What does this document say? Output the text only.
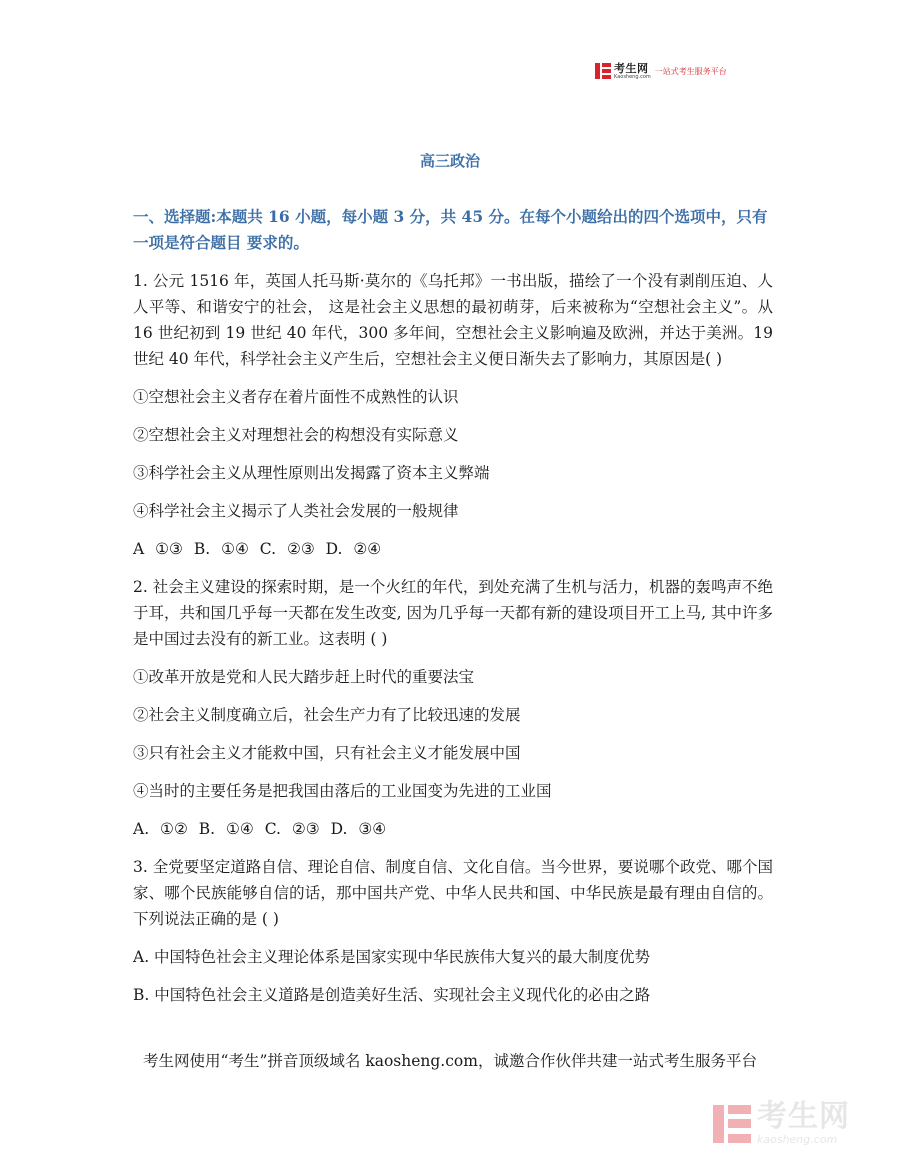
考生网
Kaosheng.com
一站式考生服务平台
高三政治
一、选择题:本题共 16 小题，每小题 3 分，共 45 分。在每个小题给出的四个选项中，只有一项是符合题目 要求的。

1. 公元 1516 年，英国人托马斯·莫尔的《乌托邦》一书出版，描绘了一个没有剥削压迫、人人平等、和谐安宁的社会， 这是社会主义思想的最初萌芽，后来被称为“空想社会主义”。从 16 世纪初到 19 世纪 40 年代，300 多年间，空想社会主义影响遍及欧洲，并达于美洲。19 世纪 40 年代，科学社会主义产生后，空想社会主义便日渐失去了影响力，其原因是( )

①空想社会主义者存在着片面性不成熟性的认识

②空想社会主义对理想社会的构想没有实际意义

③科学社会主义从理性原则出发揭露了资本主义弊端

④科学社会主义揭示了人类社会发展的一般规律

A ①③ B. ①④ C. ②③ D. ②④

2. 社会主义建设的探索时期，是一个火红的年代，到处充满了生机与活力，机器的轰鸣声不绝于耳，共和国几乎每一天都在发生改变, 因为几乎每一天都有新的建设项目开工上马, 其中许多是中国过去没有的新工业。这表明 ( )

①改革开放是党和人民大踏步赶上时代的重要法宝

②社会主义制度确立后，社会生产力有了比较迅速的发展

③只有社会主义才能救中国，只有社会主义才能发展中国

④当时的主要任务是把我国由落后的工业国变为先进的工业国

A. ①② B. ①④ C. ②③ D. ③④

3. 全党要坚定道路自信、理论自信、制度自信、文化自信。当今世界，要说哪个政党、哪个国家、哪个民族能够自信的话，那中国共产党、中华人民共和国、中华民族是最有理由自信的。下列说法正确的是 ( )

A. 中国特色社会主义理论体系是国家实现中华民族伟大复兴的最大制度优势

B. 中国特色社会主义道路是创造美好生活、实现社会主义现代化的必由之路

考生网使用“考生”拼音顶级域名 kaosheng.com，诚邀合作伙伴共建一站式考生服务平台
考生网
kaosheng.com
